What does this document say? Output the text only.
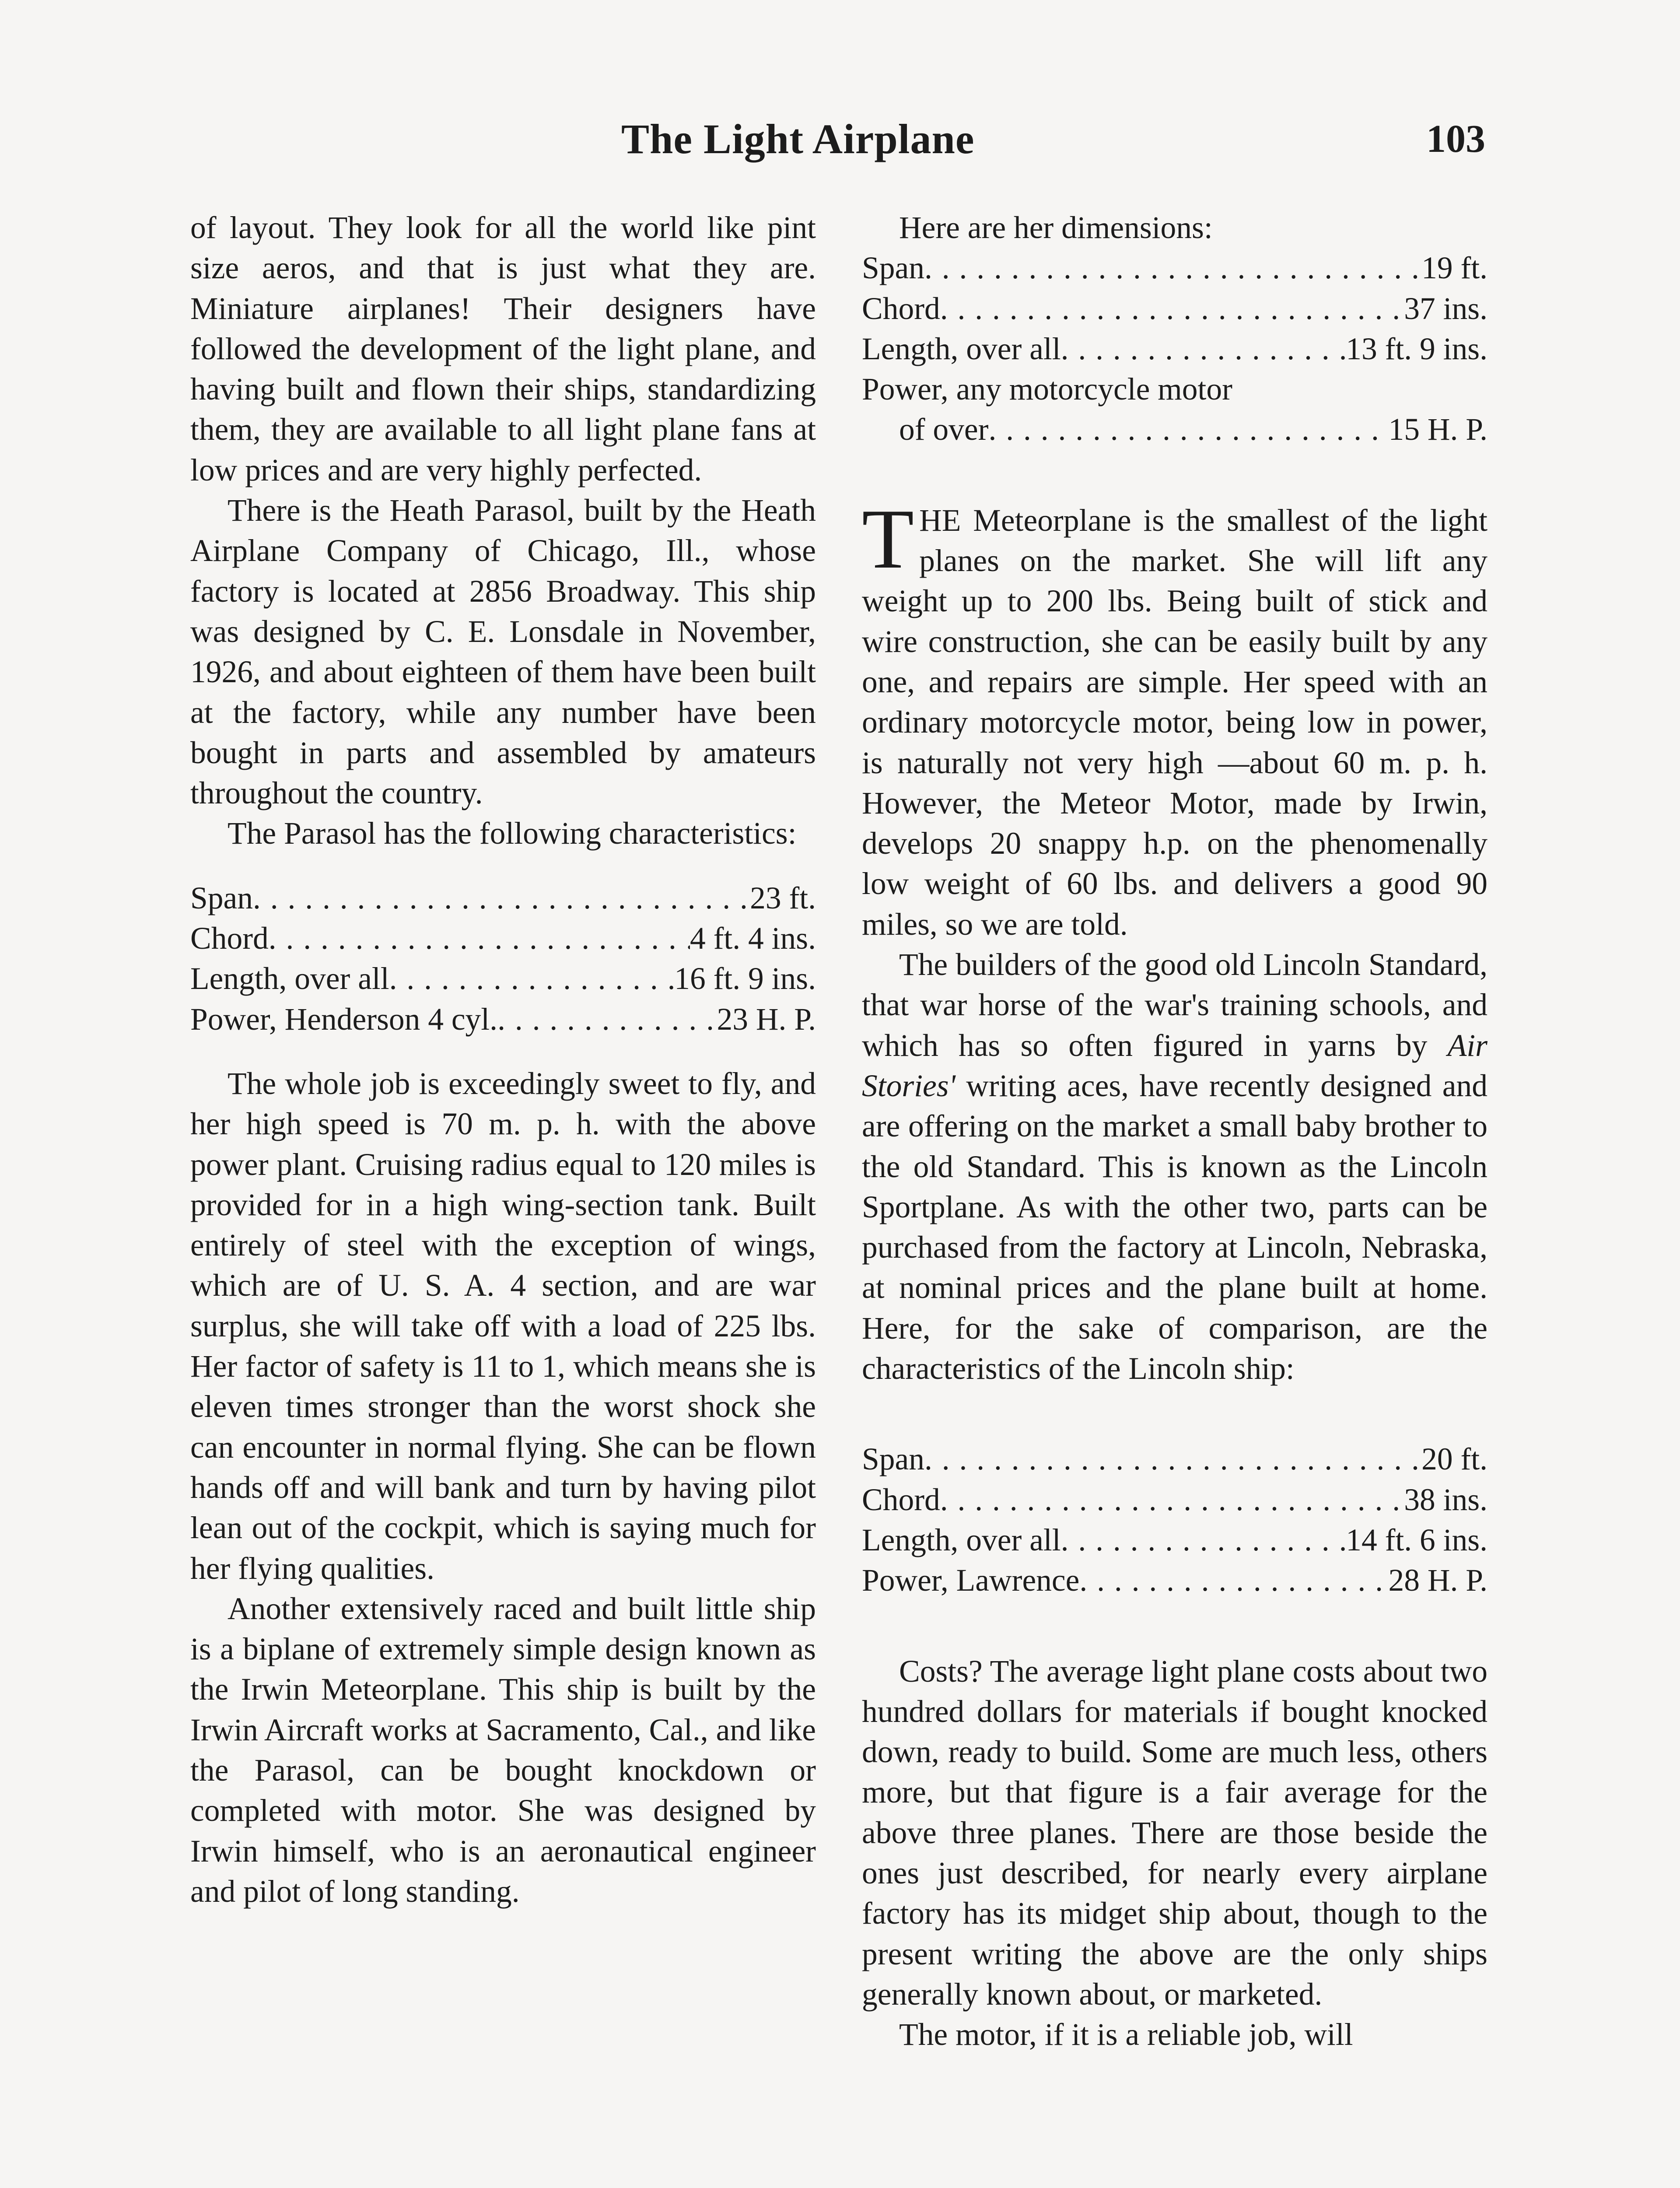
The Light Airplane	103

of layout. They look for all the world like pint size aeros, and that is just what they are. Miniature airplanes! Their designers have followed the development of the light plane, and having built and flown their ships, standardizing them, they are available to all light plane fans at low prices and are very highly perfected.

There is the Heath Parasol, built by the Heath Airplane Company of Chicago, Ill., whose factory is located at 2856 Broadway. This ship was designed by C. E. Lonsdale in November, 1926, and about eighteen of them have been built at the factory, while any number have been bought in parts and assembled by amateurs throughout the country.

The Parasol has the following characteristics:

Span . . .	23 ft.
Chord . . .	4 ft. 4 ins.
Length, over all . . .	16 ft. 9 ins.
Power, Henderson 4 cyl. . . .	23 H. P.

The whole job is exceedingly sweet to fly, and her high speed is 70 m. p. h. with the above power plant. Cruising radius equal to 120 miles is provided for in a high wing-section tank. Built entirely of steel with the exception of wings, which are of U. S. A. 4 section, and are war surplus, she will take off with a load of 225 lbs. Her factor of safety is 11 to 1, which means she is eleven times stronger than the worst shock she can encounter in normal flying. She can be flown hands off and will bank and turn by having pilot lean out of the cockpit, which is saying much for her flying qualities.

Another extensively raced and built little ship is a biplane of extremely simple design known as the Irwin Meteorplane. This ship is built by the Irwin Aircraft works at Sacramento, Cal., and like the Parasol, can be bought knockdown or completed with motor. She was designed by Irwin himself, who is an aeronautical engineer and pilot of long standing.

Here are her dimensions:

Span . . .	19 ft.
Chord . . .	37 ins.
Length, over all . . .	13 ft. 9 ins.
Power, any motorcycle motor
of over . . .	15 H. P.

THE Meteorplane is the smallest of the light planes on the market. She will lift any weight up to 200 lbs. Being built of stick and wire construction, she can be easily built by any one, and repairs are simple. Her speed with an ordinary motorcycle motor, being low in power, is naturally not very high —about 60 m. p. h. However, the Meteor Motor, made by Irwin, develops 20 snappy h.p. on the phenomenally low weight of 60 lbs. and delivers a good 90 miles, so we are told.

The builders of the good old Lincoln Standard, that war horse of the war's training schools, and which has so often figured in yarns by Air Stories' writing aces, have recently designed and are offering on the market a small baby brother to the old Standard. This is known as the Lincoln Sportplane. As with the other two, parts can be purchased from the factory at Lincoln, Nebraska, at nominal prices and the plane built at home. Here, for the sake of comparison, are the characteristics of the Lincoln ship:

Span . . .	20 ft.
Chord . . .	38 ins.
Length, over all . . .	14 ft. 6 ins.
Power, Lawrence . . .	28 H. P.

Costs? The average light plane costs about two hundred dollars for materials if bought knocked down, ready to build. Some are much less, others more, but that figure is a fair average for the above three planes. There are those beside the ones just described, for nearly every airplane factory has its midget ship about, though to the present writing the above are the only ships generally known about, or marketed.

The motor, if it is a reliable job, will
